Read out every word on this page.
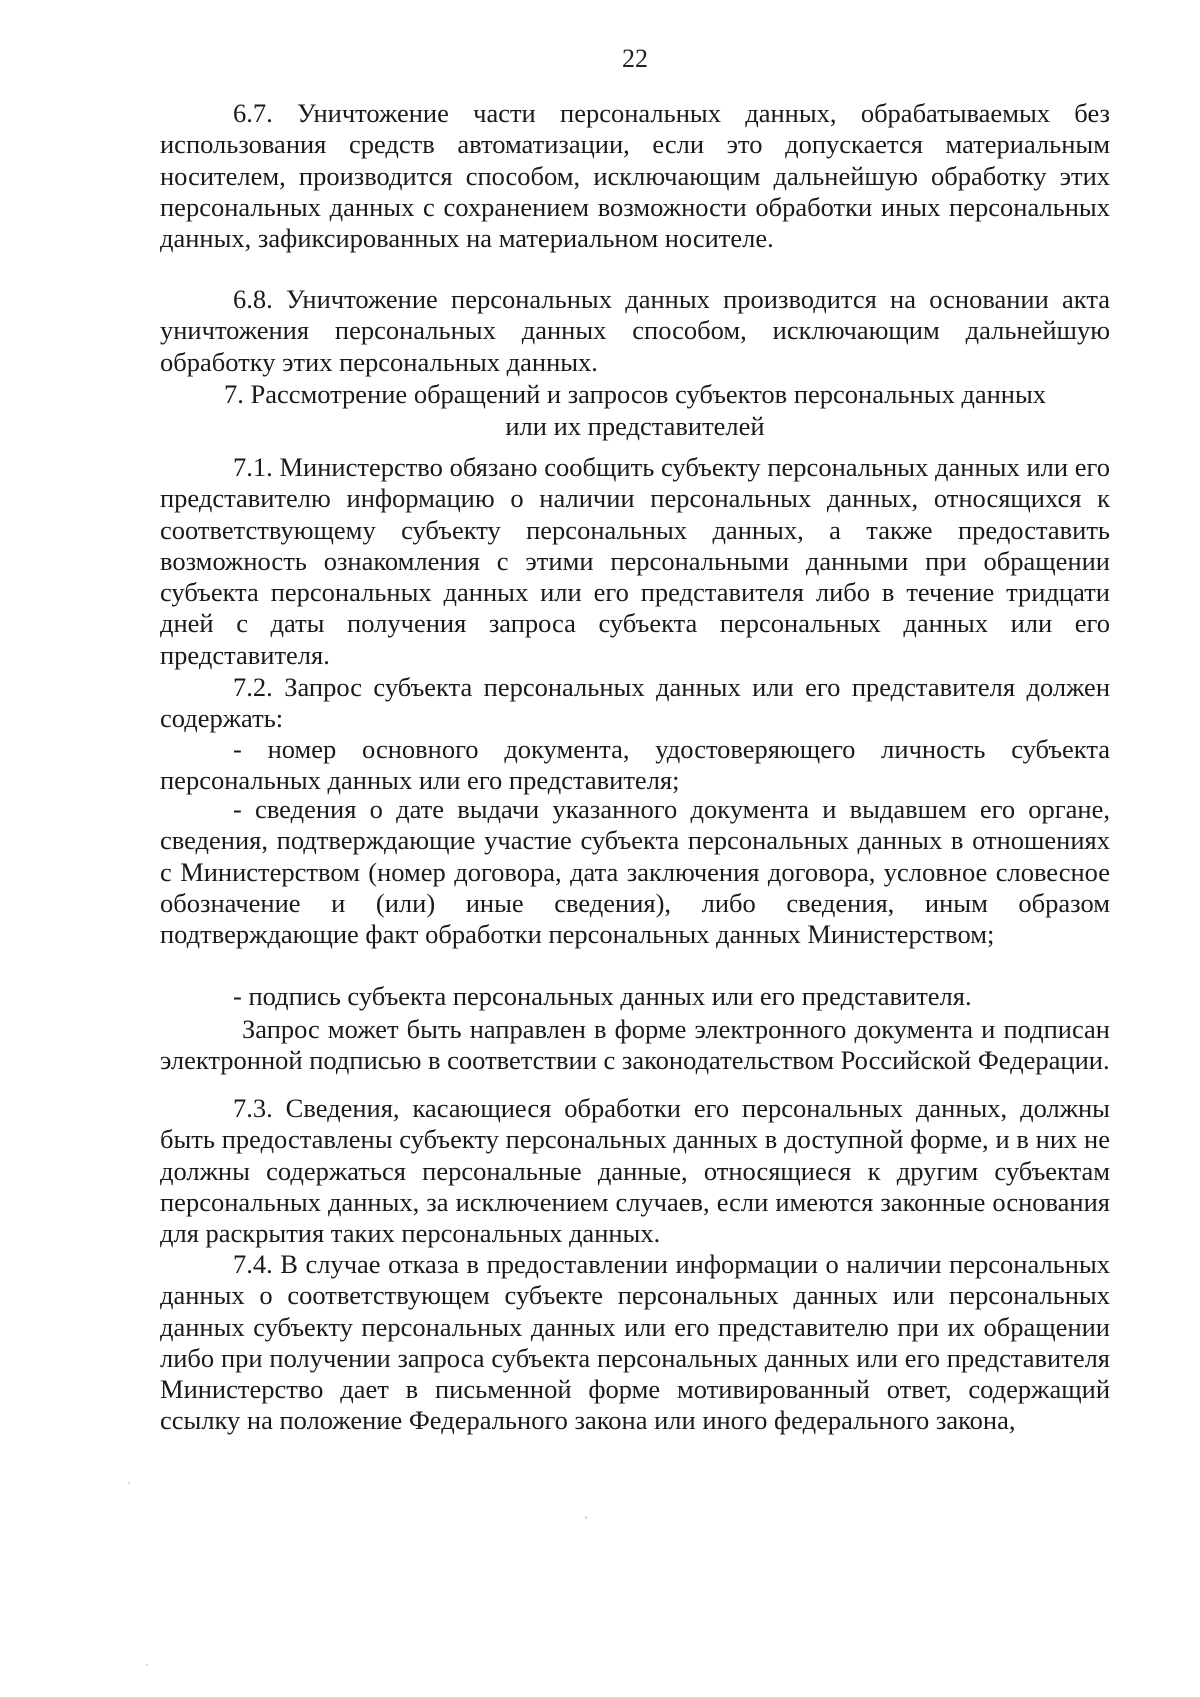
22

6.7. Уничтожение части персональных данных, обрабатываемых без использования средств автоматизации, если это допускается материальным носителем, производится способом, исключающим дальнейшую обработку этих персональных данных с сохранением возможности обработки иных персональных данных, зафиксированных на материальном носителе.

6.8. Уничтожение персональных данных производится на основании акта уничтожения персональных данных способом, исключающим дальнейшую обработку этих персональных данных.

7. Рассмотрение обращений и запросов субъектов персональных данных
или их представителей

7.1. Министерство обязано сообщить субъекту персональных данных или его представителю информацию о наличии персональных данных, относящихся к соответствующему субъекту персональных данных, а также предоставить возможность ознакомления с этими персональными данными при обращении субъекта персональных данных или его представителя либо в течение тридцати дней с даты получения запроса субъекта персональных данных или его представителя.

7.2. Запрос субъекта персональных данных или его представителя должен содержать:

- номер основного документа, удостоверяющего личность субъекта персональных данных или его представителя;

- сведения о дате выдачи указанного документа и выдавшем его органе, сведения, подтверждающие участие субъекта персональных данных в отношениях с Министерством (номер договора, дата заключения договора, условное словесное обозначение и (или) иные сведения), либо сведения, иным образом подтверждающие факт обработки персональных данных Министерством;

- подпись субъекта персональных данных или его представителя.

Запрос может быть направлен в форме электронного документа и подписан электронной подписью в соответствии с законодательством Российской Федерации.

7.3. Сведения, касающиеся обработки его персональных данных, должны быть предоставлены субъекту персональных данных в доступной форме, и в них не должны содержаться персональные данные, относящиеся к другим субъектам персональных данных, за исключением случаев, если имеются законные основания для раскрытия таких персональных данных.

7.4. В случае отказа в предоставлении информации о наличии персональных данных о соответствующем субъекте персональных данных или персональных данных субъекту персональных данных или его представителю при их обращении либо при получении запроса субъекта персональных данных или его представителя Министерство дает в письменной форме мотивированный ответ, содержащий ссылку на положение Федерального закона или иного федерального закона,
